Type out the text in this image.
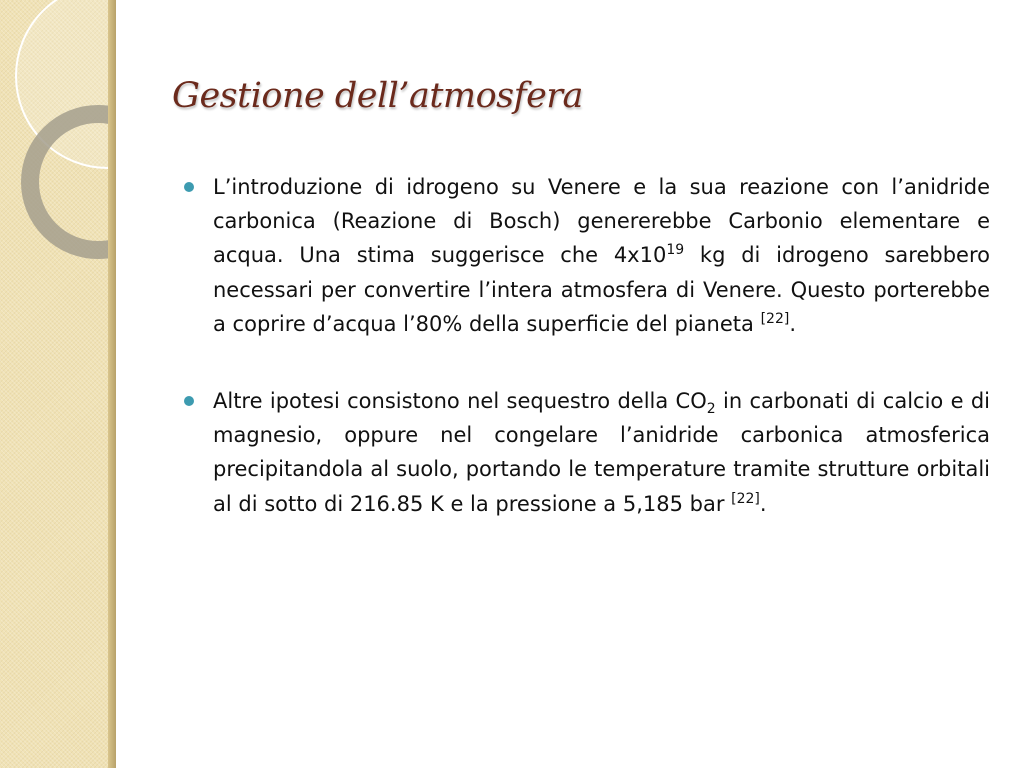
Gestione dell’atmosfera

L’introduzione di idrogeno su Venere e la sua reazione con l’anidride carbonica (Reazione di Bosch) genererebbe Carbonio elementare e acqua. Una stima suggerisce che $4x10^{19}$ kg di idrogeno sarebbero necessari per convertire l’intera atmosfera di Venere. Questo porterebbe a coprire d’acqua l’80% della superficie del pianeta [22].

Altre ipotesi consistono nel sequestro della $CO_2$ in carbonati di calcio e di magnesio, oppure nel congelare l’anidride carbonica atmosferica precipitandola al suolo, portando le temperature tramite strutture orbitali al di sotto di 216.85 K e la pressione a 5,185 bar [22].
